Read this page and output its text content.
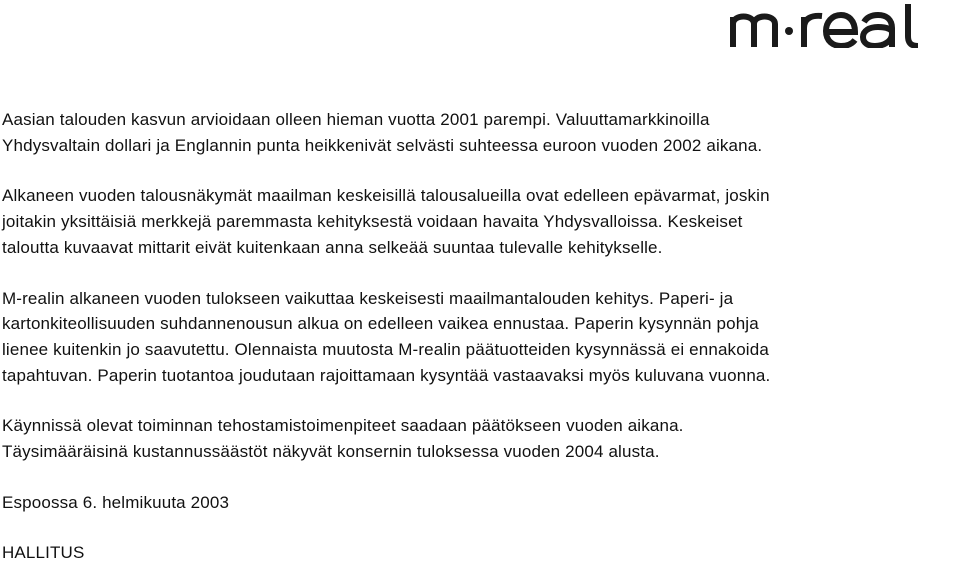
Aasian talouden kasvun arvioidaan olleen hieman vuotta 2001 parempi. Valuuttamarkkinoilla
Yhdysvaltain dollari ja Englannin punta heikkenivät selvästi suhteessa euroon vuoden 2002 aikana.

Alkaneen vuoden talousnäkymät maailman keskeisillä talousalueilla ovat edelleen epävarmat, joskin
joitakin yksittäisiä merkkejä paremmasta kehityksestä voidaan havaita Yhdysvalloissa. Keskeiset
taloutta kuvaavat mittarit eivät kuitenkaan anna selkeää suuntaa tulevalle kehitykselle.

M-realin alkaneen vuoden tulokseen vaikuttaa keskeisesti maailmantalouden kehitys. Paperi- ja
kartonkiteollisuuden suhdannenousun alkua on edelleen vaikea ennustaa. Paperin kysynnän pohja
lienee kuitenkin jo saavutettu. Olennaista muutosta M-realin päätuotteiden kysynnässä ei ennakoida
tapahtuvan. Paperin tuotantoa joudutaan rajoittamaan kysyntää vastaavaksi myös kuluvana vuonna.

Käynnissä olevat toiminnan tehostamistoimenpiteet saadaan päätökseen vuoden aikana.
Täysimääräisinä kustannussäästöt näkyvät konsernin tuloksessa vuoden 2004 alusta.

Espoossa 6. helmikuuta 2003

HALLITUS
